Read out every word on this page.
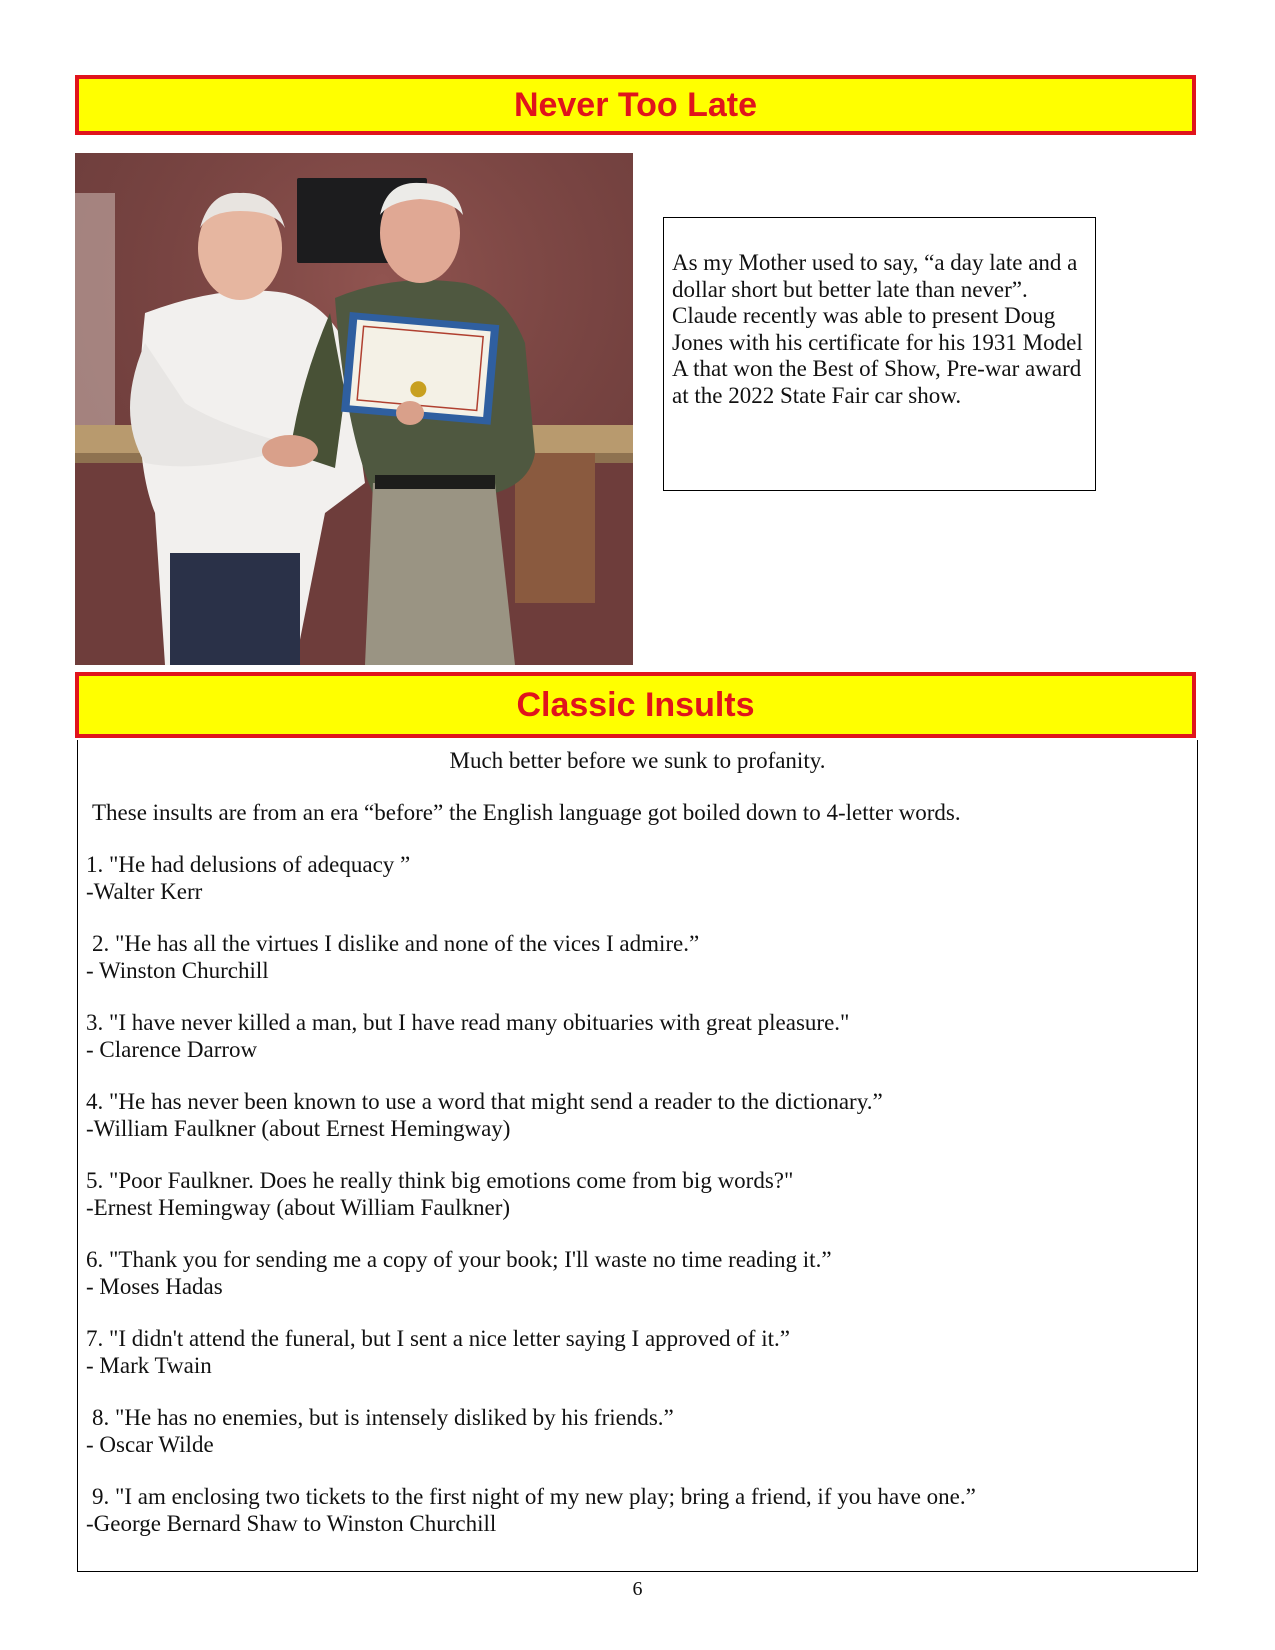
Never Too Late

As my Mother used to say, “a day late and a dollar short but better late than never”. Claude recently was able to present Doug Jones with his certificate for his 1931 Model A that won the Best of Show, Pre-war award at the 2022 State Fair car show.

Classic Insults

Much better before we sunk to profanity.

These insults are from an era “before” the English language got boiled down to 4-letter words.

1. "He had delusions of adequacy ”
-Walter Kerr

2. "He has all the virtues I dislike and none of the vices I admire.”
- Winston Churchill

3. "I have never killed a man, but I have read many obituaries with great pleasure."
- Clarence Darrow

4. "He has never been known to use a word that might send a reader to the dictionary.”
-William Faulkner (about Ernest Hemingway)

5. "Poor Faulkner. Does he really think big emotions come from big words?"
-Ernest Hemingway (about William Faulkner)

6. "Thank you for sending me a copy of your book; I'll waste no time reading it.”
- Moses Hadas

7. "I didn't attend the funeral, but I sent a nice letter saying I approved of it.”
- Mark Twain

8. "He has no enemies, but is intensely disliked by his friends.”
- Oscar Wilde

9. "I am enclosing two tickets to the first night of my new play; bring a friend, if you have one.”
-George Bernard Shaw to Winston Churchill

6
